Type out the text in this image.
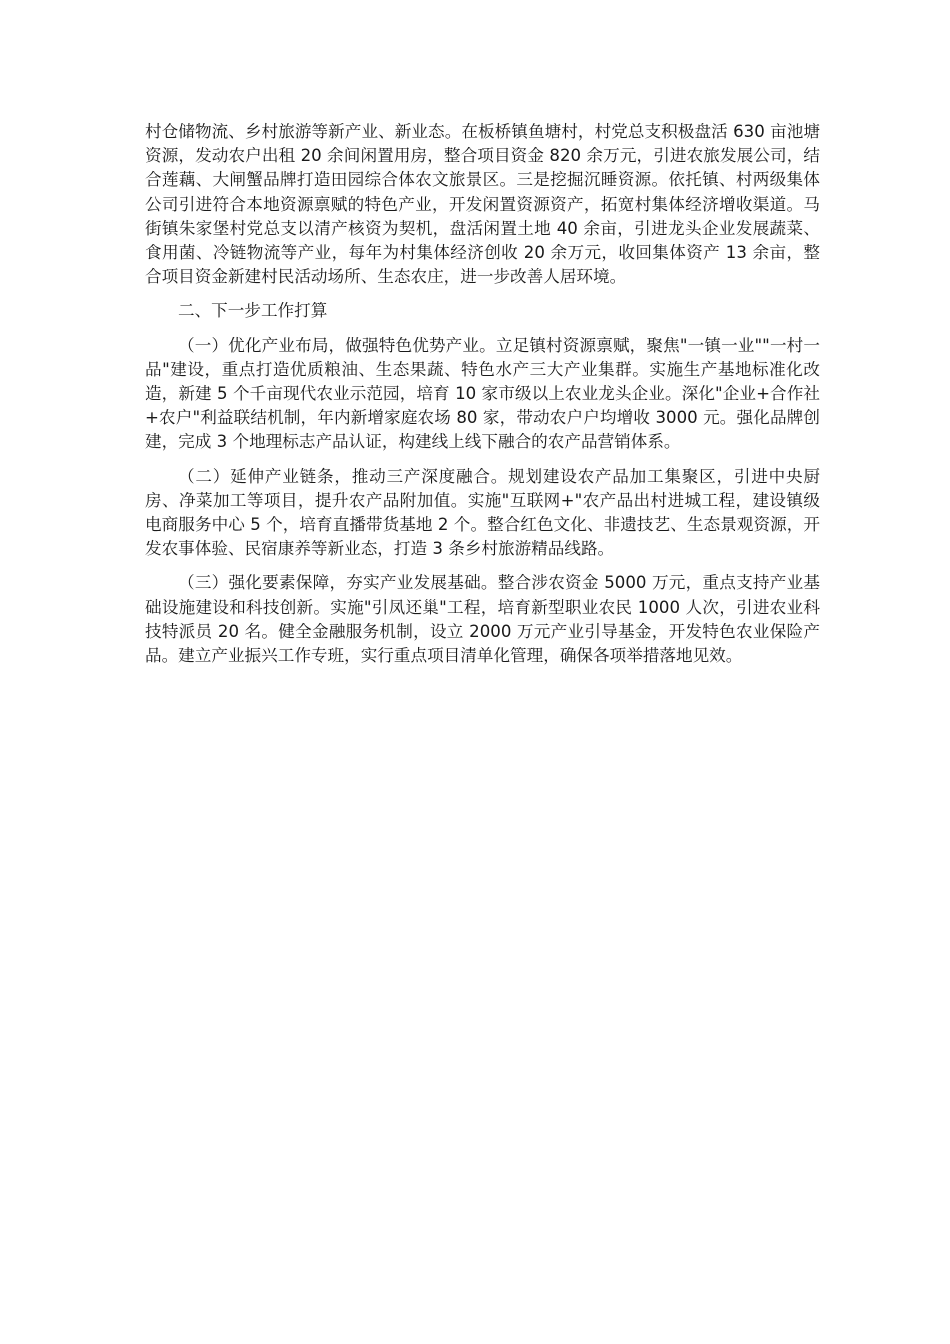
村仓储物流、乡村旅游等新产业、新业态。在板桥镇鱼塘村，村党总支积极盘活 630 亩池塘资源，发动农户出租 20 余间闲置用房，整合项目资金 820 余万元，引进农旅发展公司，结合莲藕、大闸蟹品牌打造田园综合体农文旅景区。三是挖掘沉睡资源。依托镇、村两级集体公司引进符合本地资源禀赋的特色产业，开发闲置资源资产，拓宽村集体经济增收渠道。马街镇朱家堡村党总支以清产核资为契机，盘活闲置土地 40 余亩，引进龙头企业发展蔬菜、食用菌、冷链物流等产业，每年为村集体经济创收 20 余万元，收回集体资产 13 余亩，整合项目资金新建村民活动场所、生态农庄，进一步改善人居环境。

二、下一步工作打算

（一）优化产业布局，做强特色优势产业。立足镇村资源禀赋，聚焦"一镇一业""一村一品"建设，重点打造优质粮油、生态果蔬、特色水产三大产业集群。实施生产基地标准化改造，新建 5 个千亩现代农业示范园，培育 10 家市级以上农业龙头企业。深化"企业+合作社+农户"利益联结机制，年内新增家庭农场 80 家，带动农户户均增收 3000 元。强化品牌创建，完成 3 个地理标志产品认证，构建线上线下融合的农产品营销体系。

（二）延伸产业链条，推动三产深度融合。规划建设农产品加工集聚区，引进中央厨房、净菜加工等项目，提升农产品附加值。实施"互联网+"农产品出村进城工程，建设镇级电商服务中心 5 个，培育直播带货基地 2 个。整合红色文化、非遗技艺、生态景观资源，开发农事体验、民宿康养等新业态，打造 3 条乡村旅游精品线路。

（三）强化要素保障，夯实产业发展基础。整合涉农资金 5000 万元，重点支持产业基础设施建设和科技创新。实施"引凤还巢"工程，培育新型职业农民 1000 人次，引进农业科技特派员 20 名。健全金融服务机制，设立 2000 万元产业引导基金，开发特色农业保险产品。建立产业振兴工作专班，实行重点项目清单化管理，确保各项举措落地见效。
